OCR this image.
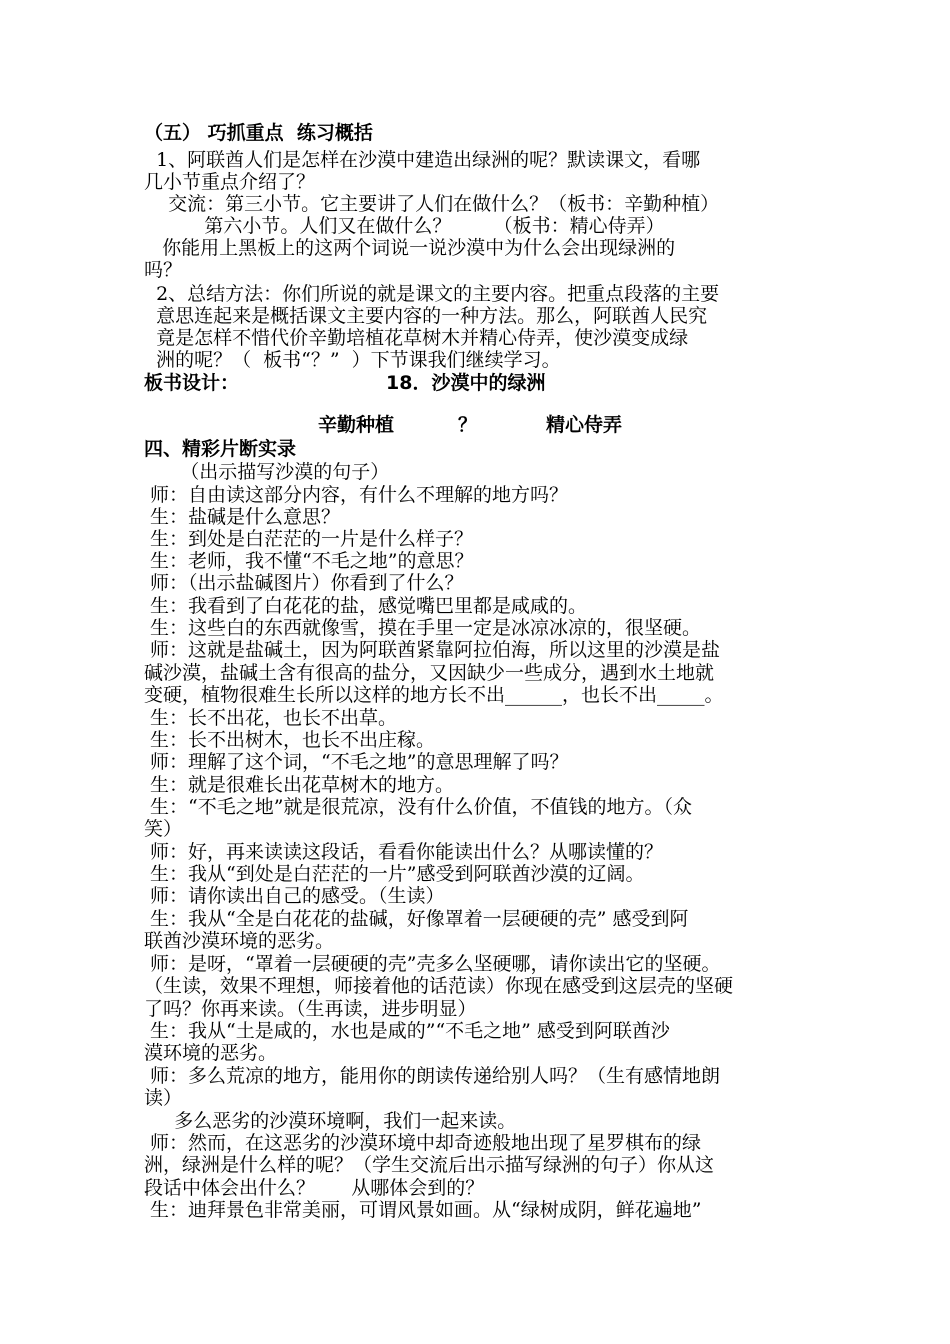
（五） 巧抓重点  练习概括
1、阿联酋人们是怎样在沙漠中建造出绿洲的呢？默读课文，看哪
几小节重点介绍了？
交流：第三小节。它主要讲了人们在做什么？（板书：辛勤种植）
第六小节。人们又在做什么？       （板书：精心侍弄）
你能用上黑板上的这两个词说一说沙漠中为什么会出现绿洲的
吗？
2、总结方法：你们所说的就是课文的主要内容。把重点段落的主要
意思连起来是概括课文主要内容的一种方法。那么，阿联酋人民究
竟是怎样不惜代价辛勤培植花草树木并精心侍弄，使沙漠变成绿
洲的呢？（  板书“？”  ）下节课我们继续学习。
板书设计：	18．沙漠中的绿洲
辛勤种植	？	精心侍弄
四、精彩片断实录
（出示描写沙漠的句子）
师：自由读这部分内容，有什么不理解的地方吗？
生：盐碱是什么意思？
生：到处是白茫茫的一片是什么样子？
生：老师，我不懂“不毛之地”的意思？
师：（出示盐碱图片）你看到了什么？
生：我看到了白花花的盐，感觉嘴巴里都是咸咸的。
生：这些白的东西就像雪，摸在手里一定是冰凉冰凉的，很坚硬。
师：这就是盐碱土，因为阿联酋紧靠阿拉伯海，所以这里的沙漠是盐
碱沙漠，盐碱土含有很高的盐分，又因缺少一些成分，遇到水土地就
变硬，植物很难生长所以这样的地方长不出______，也长不出_____。
生：长不出花，也长不出草。
生：长不出树木，也长不出庄稼。
师：理解了这个词，“不毛之地”的意思理解了吗？
生：就是很难长出花草树木的地方。
生：“不毛之地”就是很荒凉，没有什么价值，不值钱的地方。（众
笑）
师：好，再来读读这段话，看看你能读出什么？从哪读懂的？
生：我从“到处是白茫茫的一片”感受到阿联酋沙漠的辽阔。
师：请你读出自己的感受。（生读）
生：我从“全是白花花的盐碱，好像罩着一层硬硬的壳” 感受到阿
联酋沙漠环境的恶劣。
师：是呀，“罩着一层硬硬的壳”壳多么坚硬哪，请你读出它的坚硬。
（生读，效果不理想，师接着他的话范读）你现在感受到这层壳的坚硬
了吗？你再来读。（生再读，进步明显）
生：我从“土是咸的，水也是咸的”“不毛之地” 感受到阿联酋沙
漠环境的恶劣。
师：多么荒凉的地方，能用你的朗读传递给别人吗？（生有感情地朗
读）
多么恶劣的沙漠环境啊，我们一起来读。
师：然而，在这恶劣的沙漠环境中却奇迹般地出现了星罗棋布的绿
洲，绿洲是什么样的呢？（学生交流后出示描写绿洲的句子）你从这
段话中体会出什么？      从哪体会到的？
生：迪拜景色非常美丽，可谓风景如画。从“绿树成阴，鲜花遍地”
